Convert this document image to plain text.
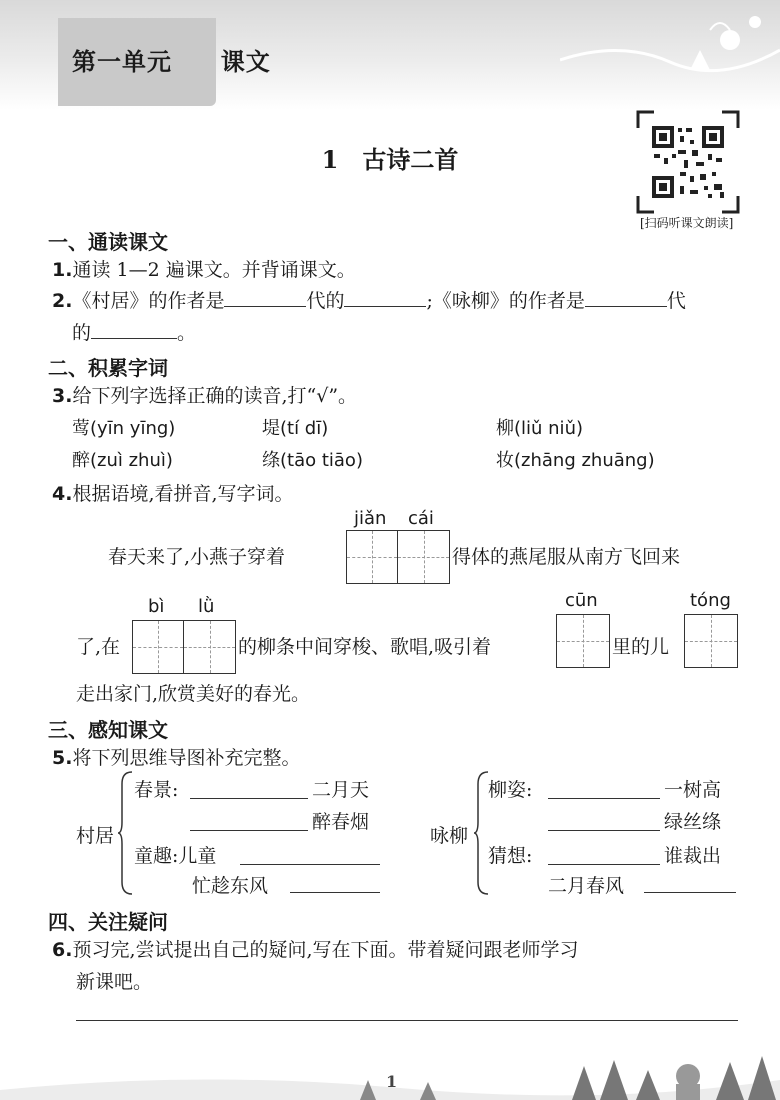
第一单元 课文
1 古诗二首
[扫码听课文朗读]
一、通读课文
1.通读 1—2 遍课文。并背诵课文。
2.《村居》的作者是	代的	;《咏柳》的作者是	代
的	。
二、积累字词
3.给下列字选择正确的读音,打“√”。
莺(yīn yīng)	堤(tí dī)	柳(liǔ niǔ)
醉(zuì zhuì)	绦(tāo tiāo)	妆(zhāng zhuāng)
4.根据语境,看拼音,写字词。
jiǎn cái
春天来了,小燕子穿着	得体的燕尾服从南方飞回来
bì lǜ	cūn	tóng
了,在	的柳条中间穿梭、歌唱,吸引着	里的儿
走出家门,欣赏美好的春光。
三、感知课文
5.将下列思维导图补充完整。
村居
春景:	二月天
醉春烟
童趣:儿童
忙趁东风
咏柳
柳姿:	一树高
绿丝绦
猜想:	谁裁出
二月春风
四、关注疑问
6.预习完,尝试提出自己的疑问,写在下面。带着疑问跟老师学习
新课吧。
1
